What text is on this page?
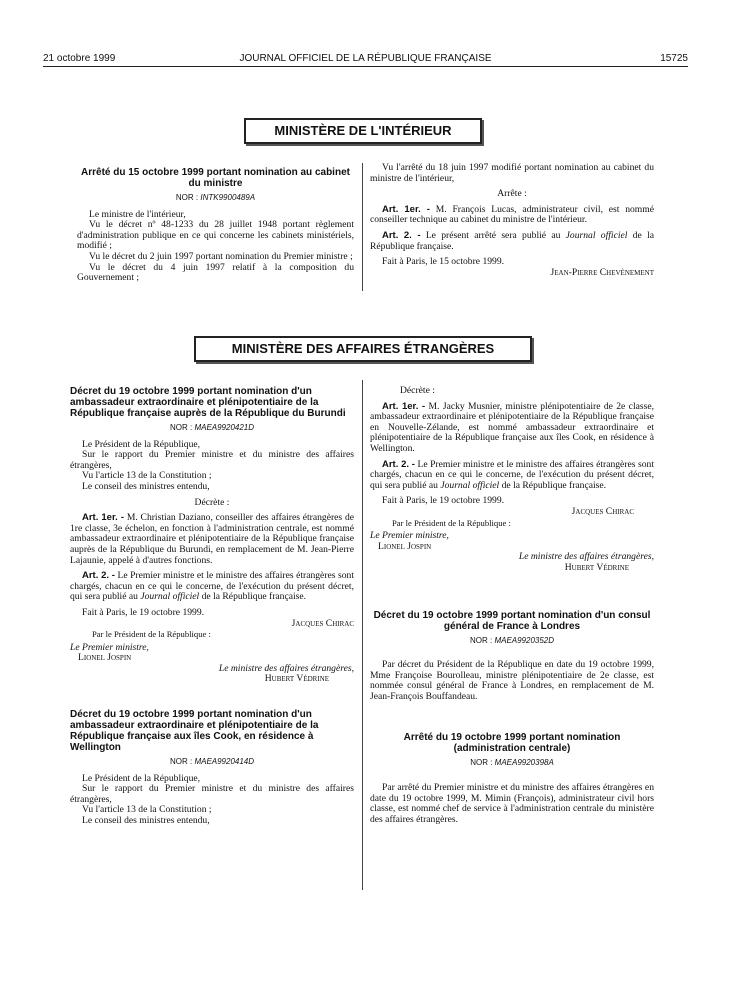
21 octobre 1999	JOURNAL OFFICIEL DE LA RÉPUBLIQUE FRANÇAISE	15725
MINISTÈRE DE L'INTÉRIEUR
Arrêté du 15 octobre 1999 portant nomination au cabinet du ministre
NOR : INTK9900489A

Le ministre de l'intérieur,

Vu le décret nº 48-1233 du 28 juillet 1948 portant règlement d'administration publique en ce qui concerne les cabinets ministériels, modifié ;

Vu le décret du 2 juin 1997 portant nomination du Premier ministre ;

Vu le décret du 4 juin 1997 relatif à la composition du Gouvernement ;

Vu l'arrêté du 18 juin 1997 modifié portant nomination au cabinet du ministre de l'intérieur,

Arrête :

Art. 1er. - M. François Lucas, administrateur civil, est nommé conseiller technique au cabinet du ministre de l'intérieur.

Art. 2. - Le présent arrêté sera publié au Journal officiel de la République française.

Fait à Paris, le 15 octobre 1999.

Jean-Pierre Chevènement

MINISTÈRE DES AFFAIRES ÉTRANGÈRES
Décret du 19 octobre 1999 portant nomination d'un ambassadeur extraordinaire et plénipotentiaire de la République française auprès de la République du Burundi
NOR : MAEA9920421D

Le Président de la République,

Sur le rapport du Premier ministre et du ministre des affaires étrangères,

Vu l'article 13 de la Constitution ;

Le conseil des ministres entendu,

Décrète :

Art. 1er. - M. Christian Daziano, conseiller des affaires étrangères de 1re classe, 3e échelon, en fonction à l'administration centrale, est nommé ambassadeur extraordinaire et plénipotentiaire de la République française auprès de la République du Burundi, en remplacement de M. Jean-Pierre Lajaunie, appelé à d'autres fonctions.

Art. 2. - Le Premier ministre et le ministre des affaires étrangères sont chargés, chacun en ce qui le concerne, de l'exécution du présent décret, qui sera publié au Journal officiel de la République française.

Fait à Paris, le 19 octobre 1999.

Jacques Chirac

Par le Président de la République :

Le Premier ministre,

Lionel Jospin

Le ministre des affaires étrangères,

Hubert Védrine

Décret du 19 octobre 1999 portant nomination d'un ambassadeur extraordinaire et plénipotentiaire de la République française aux îles Cook, en résidence à Wellington
NOR : MAEA9920414D

Le Président de la République,

Sur le rapport du Premier ministre et du ministre des affaires étrangères,

Vu l'article 13 de la Constitution ;

Le conseil des ministres entendu,

Décrète :

Art. 1er. - M. Jacky Musnier, ministre plénipotentiaire de 2e classe, ambassadeur extraordinaire et plénipotentiaire de la République française en Nouvelle-Zélande, est nommé ambassadeur extraordinaire et plénipotentiaire de la République française aux îles Cook, en résidence à Wellington.

Art. 2. - Le Premier ministre et le ministre des affaires étrangères sont chargés, chacun en ce qui le concerne, de l'exécution du présent décret, qui sera publié au Journal officiel de la République française.

Fait à Paris, le 19 octobre 1999.

Jacques Chirac

Par le Président de la République :

Le Premier ministre,

Lionel Jospin

Le ministre des affaires étrangères,

Hubert Védrine

Décret du 19 octobre 1999 portant nomination d'un consul général de France à Londres
NOR : MAEA9920352D

Par décret du Président de la République en date du 19 octobre 1999, Mme Françoise Bourolleau, ministre plénipotentiaire de 2e classe, est nommée consul général de France à Londres, en remplacement de M. Jean-François Bouffandeau.

Arrêté du 19 octobre 1999 portant nomination (administration centrale)
NOR : MAEA9920398A

Par arrêté du Premier ministre et du ministre des affaires étrangères en date du 19 octobre 1999, M. Mimin (François), administrateur civil hors classe, est nommé chef de service à l'administration centrale du ministère des affaires étrangères.
